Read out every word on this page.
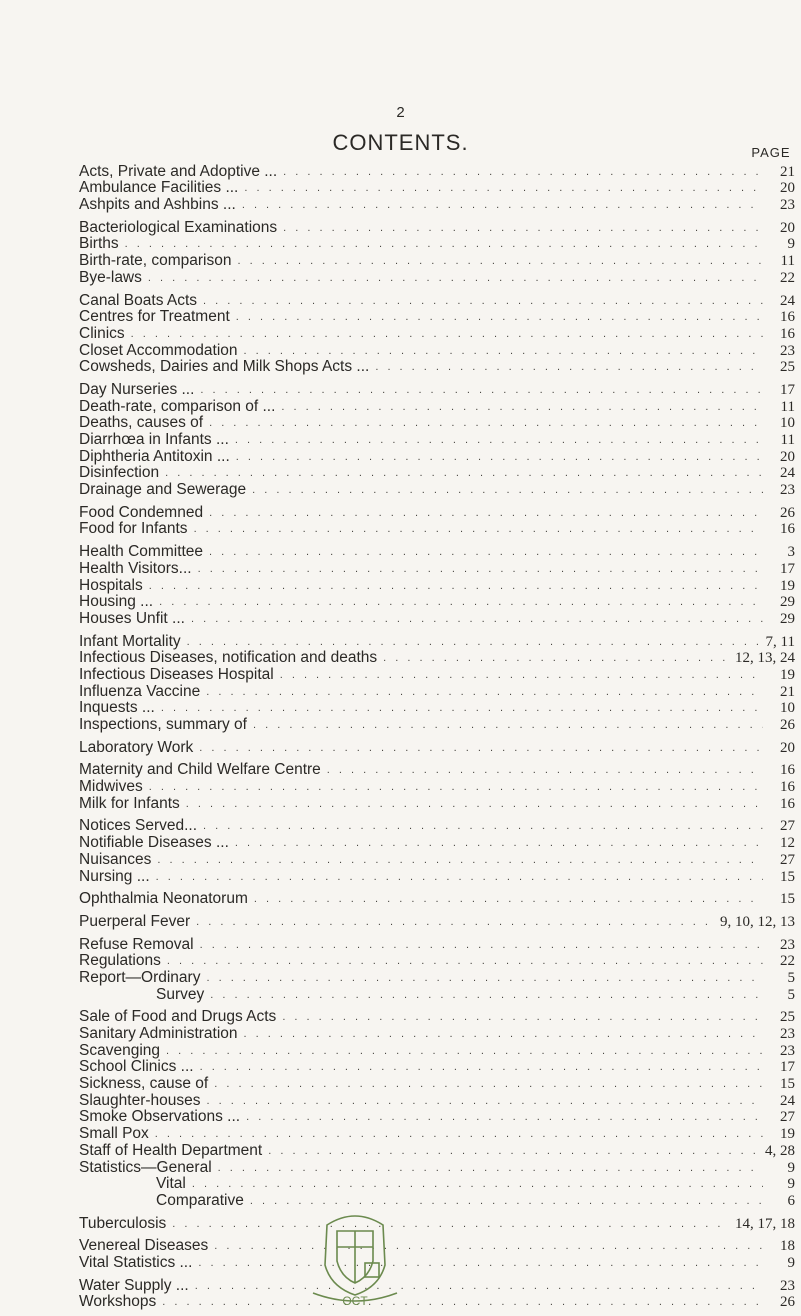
2
CONTENTS.	PAGE
Acts, Private and Adoptive ... . . .	21
Ambulance Facilities ... . . .	20
Ashpits and Ashbins ... . . .	23
Bacteriological Examinations . . .	20
Births . . .	9
Birth-rate, comparison . . .	11
Bye-laws . . .	22
Canal Boats Acts . . .	24
Centres for Treatment . . .	16
Clinics . . .	16
Closet Accommodation . . .	23
Cowsheds, Dairies and Milk Shops Acts ... . . .	25
Day Nurseries ... . . .	17
Death-rate, comparison of ... . . .	11
Deaths, causes of . . .	10
Diarrhœa in Infants ... . . .	11
Diphtheria Antitoxin ... . . .	20
Disinfection . . .	24
Drainage and Sewerage . . .	23
Food Condemned . . .	26
Food for Infants . . .	16
Health Committee . . .	3
Health Visitors... . . .	17
Hospitals . . .	19
Housing ... . . .	29
Houses Unfit ... . . .	29
Infant Mortality . . .	7, 11
Infectious Diseases, notification and deaths . . .	12, 13, 24
Infectious Diseases Hospital . . .	19
Influenza Vaccine . . .	21
Inquests ... . . .	10
Inspections, summary of . . .	26
Laboratory Work . . .	20
Maternity and Child Welfare Centre . . .	16
Midwives . . .	16
Milk for Infants . . .	16
Notices Served... . . .	27
Notifiable Diseases ... . . .	12
Nuisances . . .	27
Nursing ... . . .	15
Ophthalmia Neonatorum . . .	15
Puerperal Fever . . .	9, 10, 12, 13
Refuse Removal . . .	23
Regulations . . .	22
Report—Ordinary . . .	5
Survey . . .	5
Sale of Food and Drugs Acts . . .	25
Sanitary Administration . . .	23
Scavenging . . .	23
School Clinics ... . . .	17
Sickness, cause of . . .	15
Slaughter-houses . . .	24
Smoke Observations ... . . .	27
Small Pox . . .	19
Staff of Health Department . . .	4, 28
Statistics—General . . .	9
Vital . . .	9
Comparative . . .	6
Tuberculosis . . .	14, 17, 18
Venereal Diseases . . .	18
Vital Statistics ... . . .	9
Water Supply ... . . .	23
Workshops . . .	26
OCT
